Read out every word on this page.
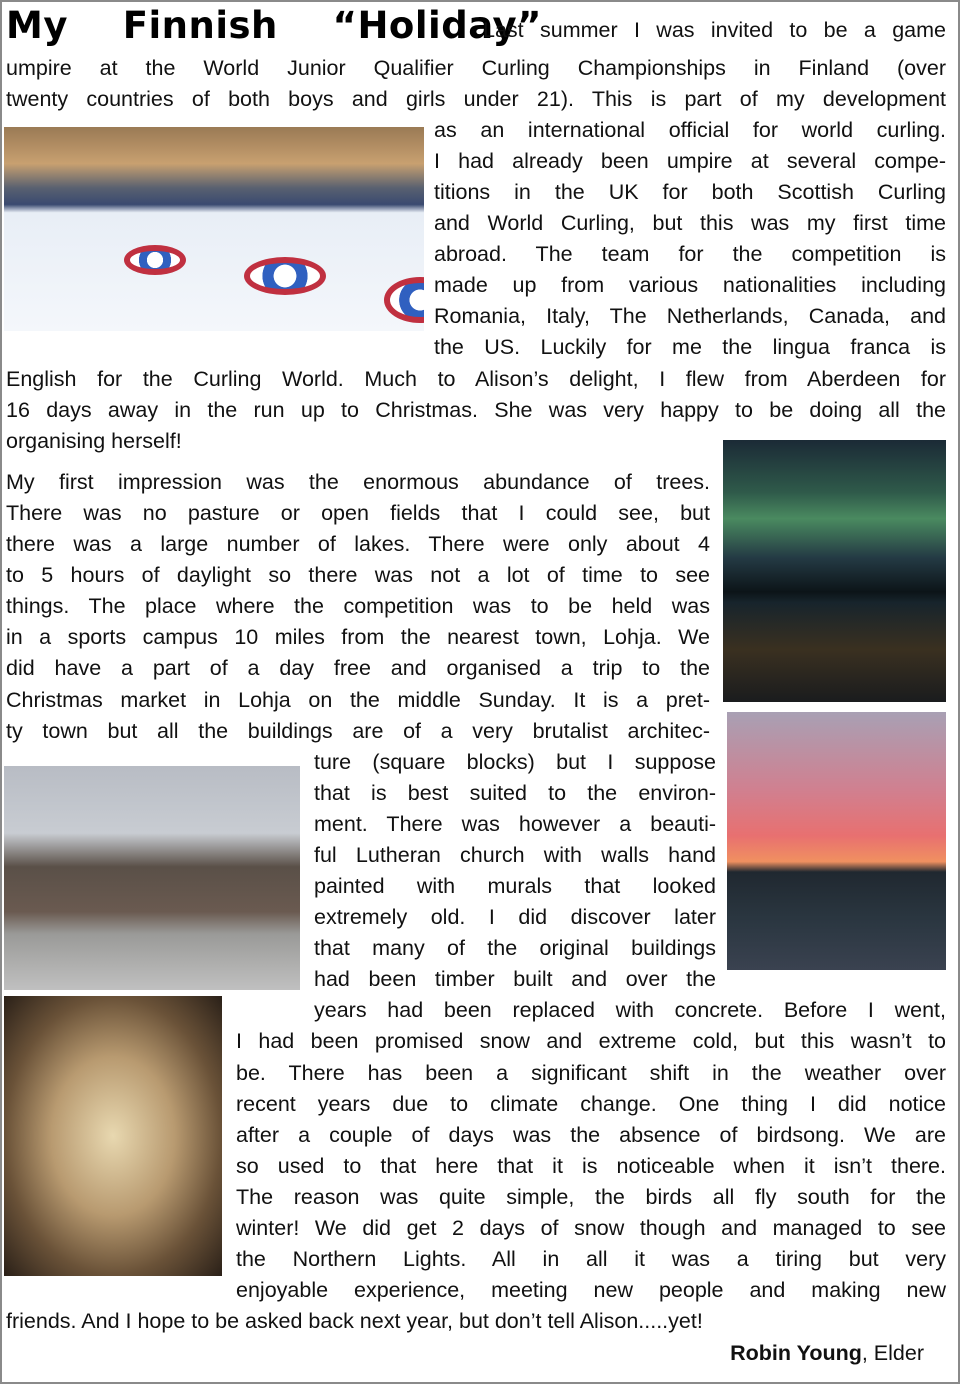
My  Finnish  “Holiday”
Last summer I was invited to be a game
umpire at the World Junior Qualifier Curling Championships in Finland (over
twenty countries of both boys and girls under 21). This is part of my development
as an international official for world curling.
I had already been umpire at several compe-
titions in the UK for both Scottish Curling
and World Curling, but this was my first time
abroad. The team for the competition is
made up from various nationalities including
Romania, Italy, The Netherlands, Canada, and
the US. Luckily for me the lingua franca is
English for the Curling World. Much to Alison’s delight, I flew from Aberdeen for
16 days away in the run up to Christmas. She was very happy to be doing all the
organising herself!
My first impression was the enormous abundance of trees.
There was no pasture or open fields that I could see, but
there was a large number of lakes. There were only about 4
to 5 hours of daylight so there was not a lot of time to see
things. The place where the competition was to be held was
in a sports campus 10 miles from the nearest town, Lohja. We
did have a part of a day free and organised a trip to the
Christmas market in Lohja on the middle Sunday. It is a pret-
ty town but all the buildings are of a very brutalist architec-
ture (square blocks) but I suppose
that is best suited to the environ-
ment. There was however a beauti-
ful Lutheran church with walls hand
painted with murals that looked
extremely old. I did discover later
that many of the original buildings
had been timber built and over the
years had been replaced with concrete. Before I went,
I had been promised snow and extreme cold, but this wasn’t to
be. There has been a significant shift in the weather over
recent years due to climate change. One thing I did notice
after a couple of days was the absence of birdsong. We are
so used to that here that it is noticeable when it isn’t there.
The reason was quite simple, the birds all fly south for the
winter! We did get 2 days of snow though and managed to see
the Northern Lights. All in all it was a tiring but very
enjoyable experience, meeting new people and making new
friends. And I hope to be asked back next year, but don’t tell Alison.....yet!
Robin Young, Elder
